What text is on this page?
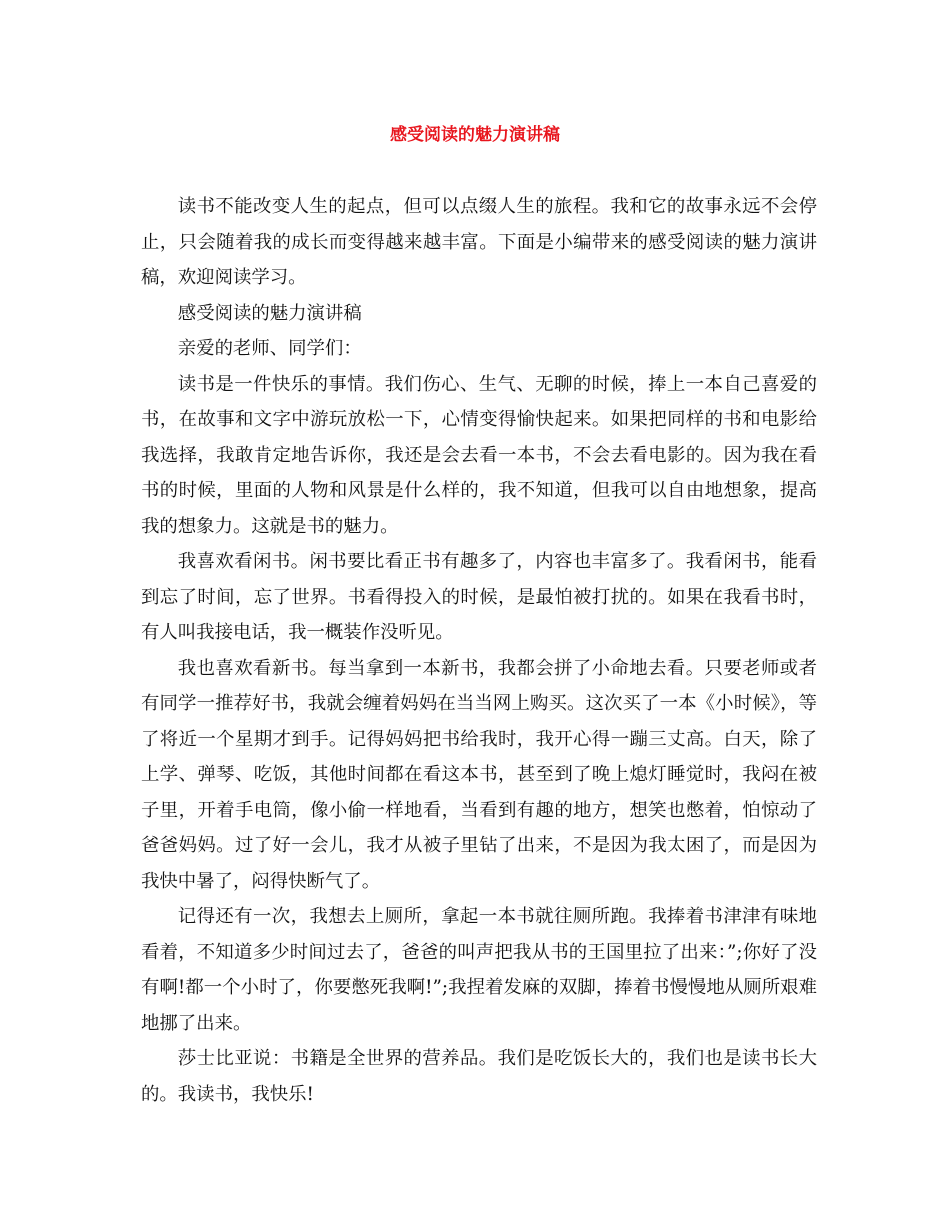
感受阅读的魅力演讲稿

读书不能改变人生的起点，但可以点缀人生的旅程。我和它的故事永远不会停止，只会随着我的成长而变得越来越丰富。下面是小编带来的感受阅读的魅力演讲稿，欢迎阅读学习。

感受阅读的魅力演讲稿

亲爱的老师、同学们：

读书是一件快乐的事情。我们伤心、生气、无聊的时候，捧上一本自己喜爱的书，在故事和文字中游玩放松一下，心情变得愉快起来。如果把同样的书和电影给我选择，我敢肯定地告诉你，我还是会去看一本书，不会去看电影的。因为我在看书的时候，里面的人物和风景是什么样的，我不知道，但我可以自由地想象，提高我的想象力。这就是书的魅力。

我喜欢看闲书。闲书要比看正书有趣多了，内容也丰富多了。我看闲书，能看到忘了时间，忘了世界。书看得投入的时候，是最怕被打扰的。如果在我看书时，有人叫我接电话，我一概装作没听见。

我也喜欢看新书。每当拿到一本新书，我都会拼了小命地去看。只要老师或者有同学一推荐好书，我就会缠着妈妈在当当网上购买。这次买了一本《小时候》，等了将近一个星期才到手。记得妈妈把书给我时，我开心得一蹦三丈高。白天，除了上学、弹琴、吃饭，其他时间都在看这本书，甚至到了晚上熄灯睡觉时，我闷在被子里，开着手电筒，像小偷一样地看，当看到有趣的地方，想笑也憋着，怕惊动了爸爸妈妈。过了好一会儿，我才从被子里钻了出来，不是因为我太困了，而是因为我快中暑了，闷得快断气了。

记得还有一次，我想去上厕所，拿起一本书就往厕所跑。我捧着书津津有味地看着，不知道多少时间过去了，爸爸的叫声把我从书的王国里拉了出来：”;你好了没有啊!都一个小时了，你要憋死我啊!”;我捏着发麻的双脚，捧着书慢慢地从厕所艰难地挪了出来。

莎士比亚说：书籍是全世界的营养品。我们是吃饭长大的，我们也是读书长大的。我读书，我快乐!
